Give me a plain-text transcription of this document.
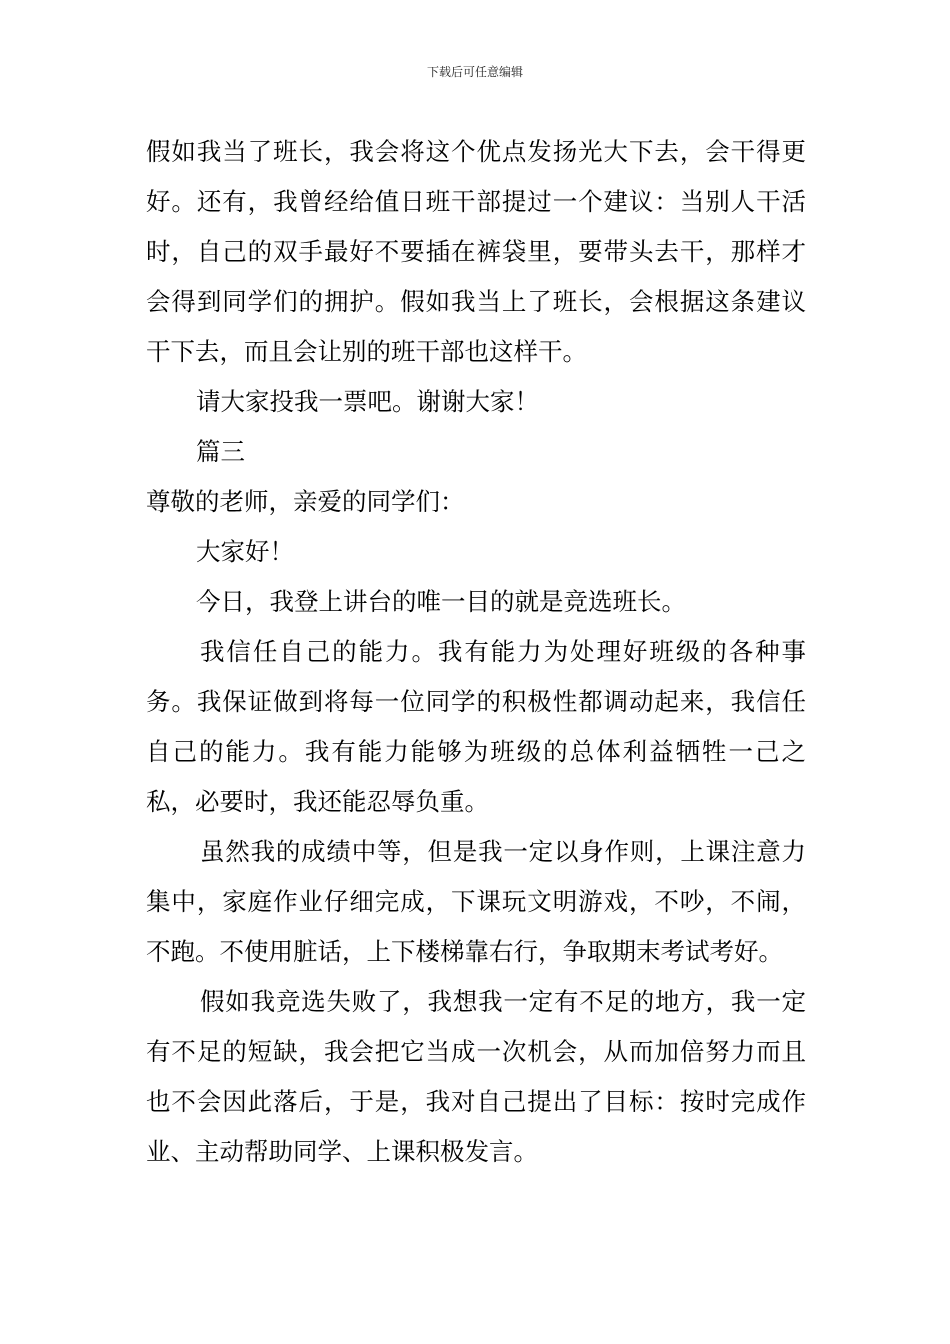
下载后可任意编辑

假如我当了班长，我会将这个优点发扬光大下去，会干得更好。还有，我曾经给值日班干部提过一个建议：当别人干活时，自己的双手最好不要插在裤袋里，要带头去干，那样才会得到同学们的拥护。假如我当上了班长，会根据这条建议干下去，而且会让别的班干部也这样干。

请大家投我一票吧。谢谢大家！

篇三

尊敬的老师，亲爱的同学们：

大家好！

今日，我登上讲台的唯一目的就是竞选班长。

我信任自己的能力。我有能力为处理好班级的各种事务。我保证做到将每一位同学的积极性都调动起来，我信任自己的能力。我有能力能够为班级的总体利益牺牲一己之私，必要时，我还能忍辱负重。

虽然我的成绩中等，但是我一定以身作则，上课注意力集中，家庭作业仔细完成，下课玩文明游戏，不吵，不闹，不跑。不使用脏话，上下楼梯靠右行，争取期末考试考好。

假如我竞选失败了，我想我一定有不足的地方，我一定有不足的短缺，我会把它当成一次机会，从而加倍努力而且也不会因此落后，于是，我对自己提出了目标：按时完成作业、主动帮助同学、上课积极发言。
